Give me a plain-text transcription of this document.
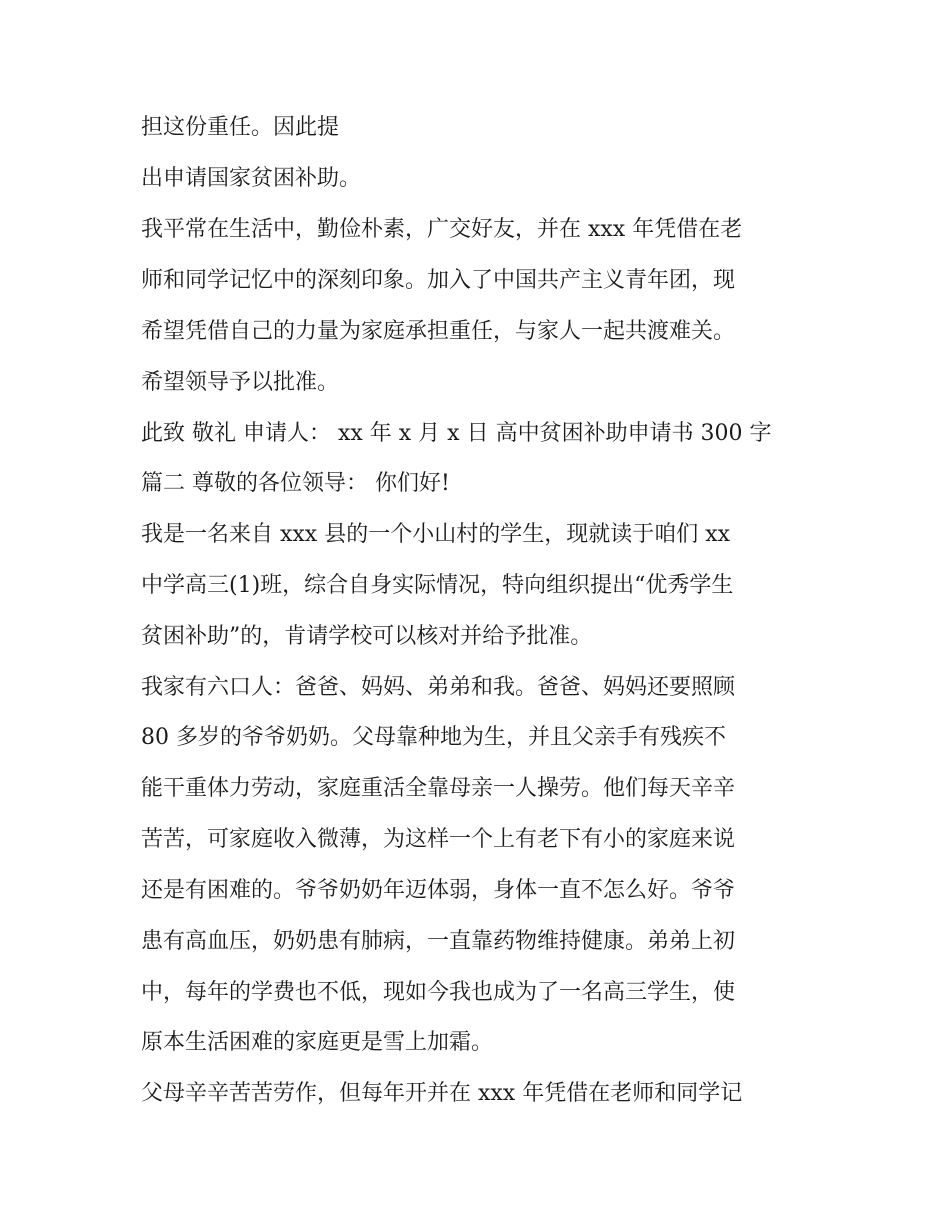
担这份重任。因此提

出申请国家贫困补助。

我平常在生活中，勤俭朴素，广交好友，并在 xxx 年凭借在老

师和同学记忆中的深刻印象。加入了中国共产主义青年团，现

希望凭借自己的力量为家庭承担重任，与家人一起共渡难关。

希望领导予以批准。

此致 敬礼 申请人： xx 年 x 月 x 日 高中贫困补助申请书 300 字

篇二 尊敬的各位领导： 你们好!

我是一名来自 xxx 县的一个小山村的学生，现就读于咱们 xx

中学高三(1)班，综合自身实际情况，特向组织提出“优秀学生

贫困补助”的，肯请学校可以核对并给予批准。

我家有六口人：爸爸、妈妈、弟弟和我。爸爸、妈妈还要照顾

80 多岁的爷爷奶奶。父母靠种地为生，并且父亲手有残疾不

能干重体力劳动，家庭重活全靠母亲一人操劳。他们每天辛辛

苦苦，可家庭收入微薄，为这样一个上有老下有小的家庭来说

还是有困难的。爷爷奶奶年迈体弱，身体一直不怎么好。爷爷

患有高血压，奶奶患有肺病，一直靠药物维持健康。弟弟上初

中，每年的学费也不低，现如今我也成为了一名高三学生，使

原本生活困难的家庭更是雪上加霜。

父母辛辛苦苦劳作，但每年开并在 xxx 年凭借在老师和同学记
